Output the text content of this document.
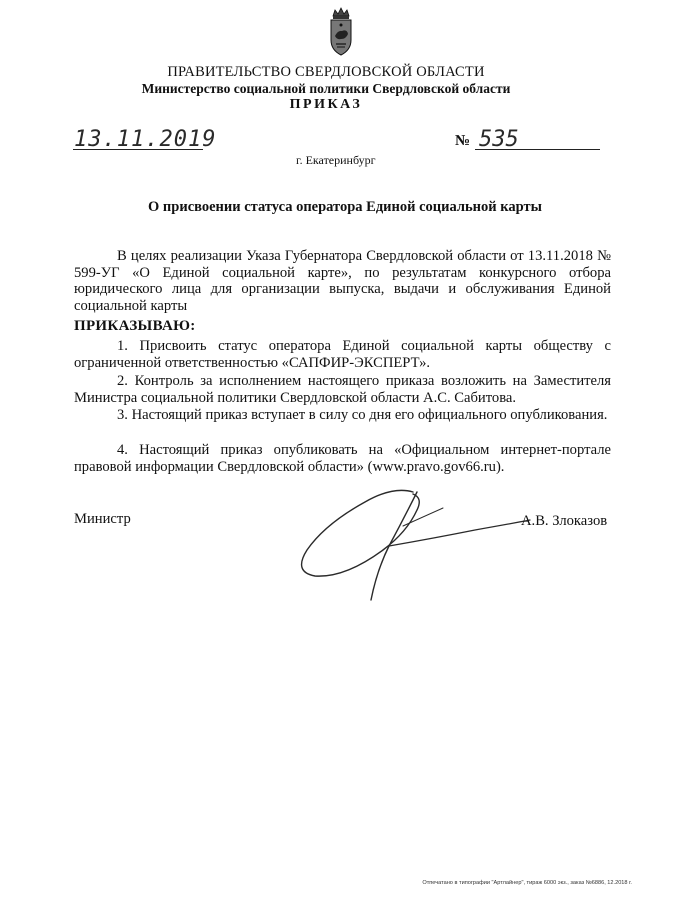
ПРАВИТЕЛЬСТВО СВЕРДЛОВСКОЙ ОБЛАСТИ
Министерство социальной политики Свердловской области
ПРИКАЗ
13.11.2019	№ 535
г. Екатеринбург
О присвоении статуса оператора Единой социальной карты
В целях реализации Указа Губернатора Свердловской области от 13.11.2018 № 599-УГ «О Единой социальной карте», по результатам конкурсного отбора юридического лица для организации выпуска, выдачи и обслуживания Единой социальной карты
ПРИКАЗЫВАЮ:
1. Присвоить статус оператора Единой социальной карты обществу с ограниченной ответственностью «САПФИР-ЭКСПЕРТ».
2. Контроль за исполнением настоящего приказа возложить на Заместителя Министра социальной политики Свердловской области А.С. Сабитова.
3. Настоящий приказ вступает в силу со дня его официального опубликования.
4. Настоящий приказ опубликовать на «Официальном интернет-портале правовой информации Свердловской области» (www.pravo.gov66.ru).
Министр	А.В. Злоказов
Отпечатано в типографии "Артлайнер", тираж 6000 экз., заказ №6886, 12.2018 г.
